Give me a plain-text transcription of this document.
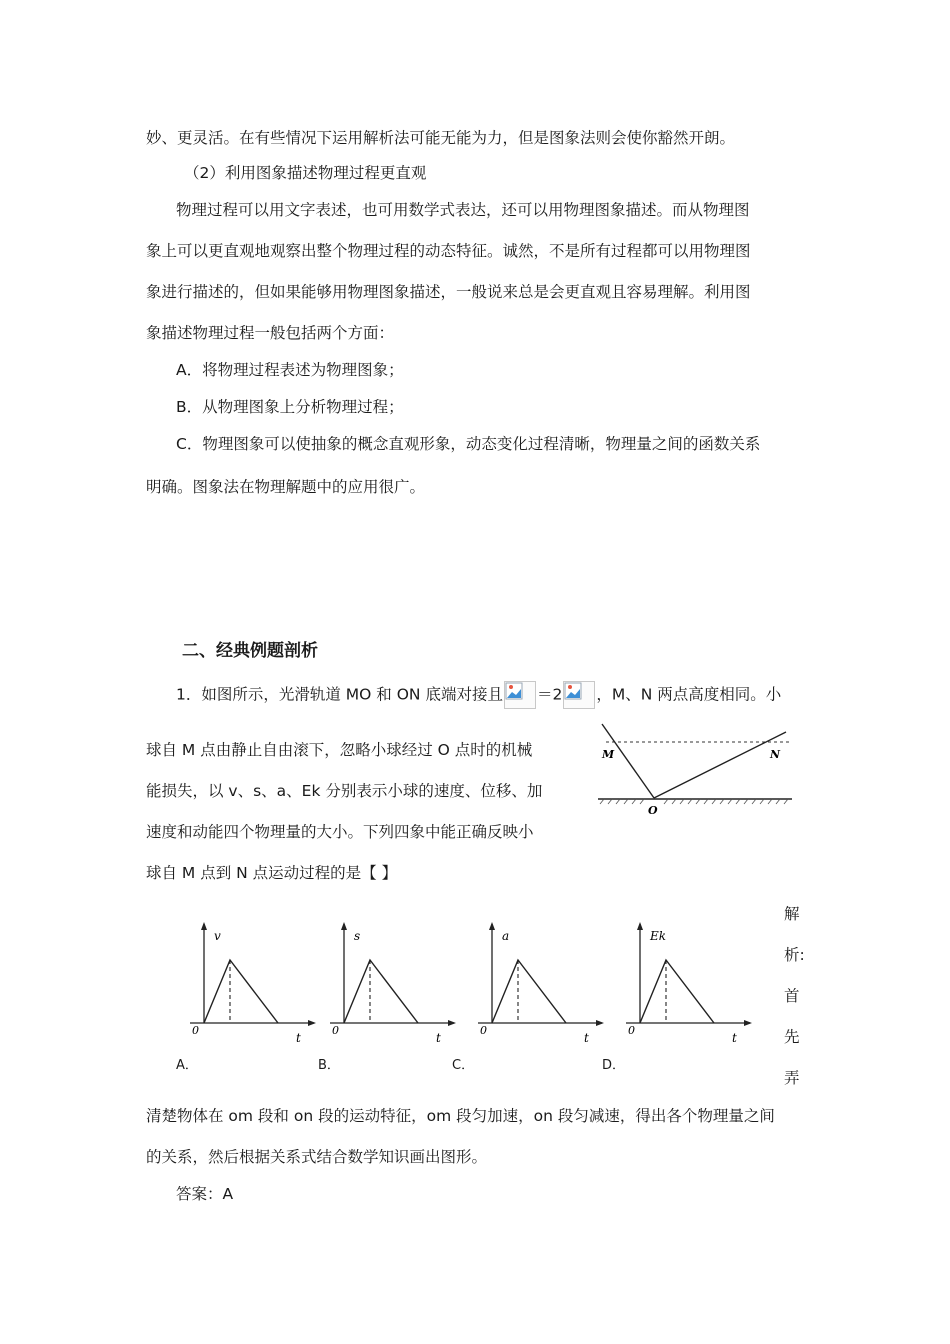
妙、更灵活。在有些情况下运用解析法可能无能为力，但是图象法则会使你豁然开朗。
（2）利用图象描述物理过程更直观
物理过程可以用文字表述，也可用数学式表达，还可以用物理图象描述。而从物理图
象上可以更直观地观察出整个物理过程的动态特征。诚然，不是所有过程都可以用物理图
象进行描述的，但如果能够用物理图象描述，一般说来总是会更直观且容易理解。利用图
象描述物理过程一般包括两个方面：
A．将物理过程表述为物理图象；
B．从物理图象上分析物理过程；
C．物理图象可以使抽象的概念直观形象，动态变化过程清晰，物理量之间的函数关系
明确。图象法在物理解题中的应用很广。
二、经典例题剖析
1．如图所示，光滑轨道 MO 和 ON 底端对接且 ＝2 ，M、N 两点高度相同。小
球自 M 点由静止自由滚下，忽略小球经过 O 点时的机械
能损失，以 v、s、a、Ek 分别表示小球的速度、位移、加
速度和动能四个物理量的大小。下列四象中能正确反映小
球自 M 点到 N 点运动过程的是【 】
M	N
O
v
t
0
s
t
0
a
t
0
Ek
t
0
A．	B．	C．	D．
解
析:
首
先
弄
清楚物体在 om 段和 on 段的运动特征，om 段匀加速，on 段匀减速，得出各个物理量之间
的关系，然后根据关系式结合数学知识画出图形。
答案：A
